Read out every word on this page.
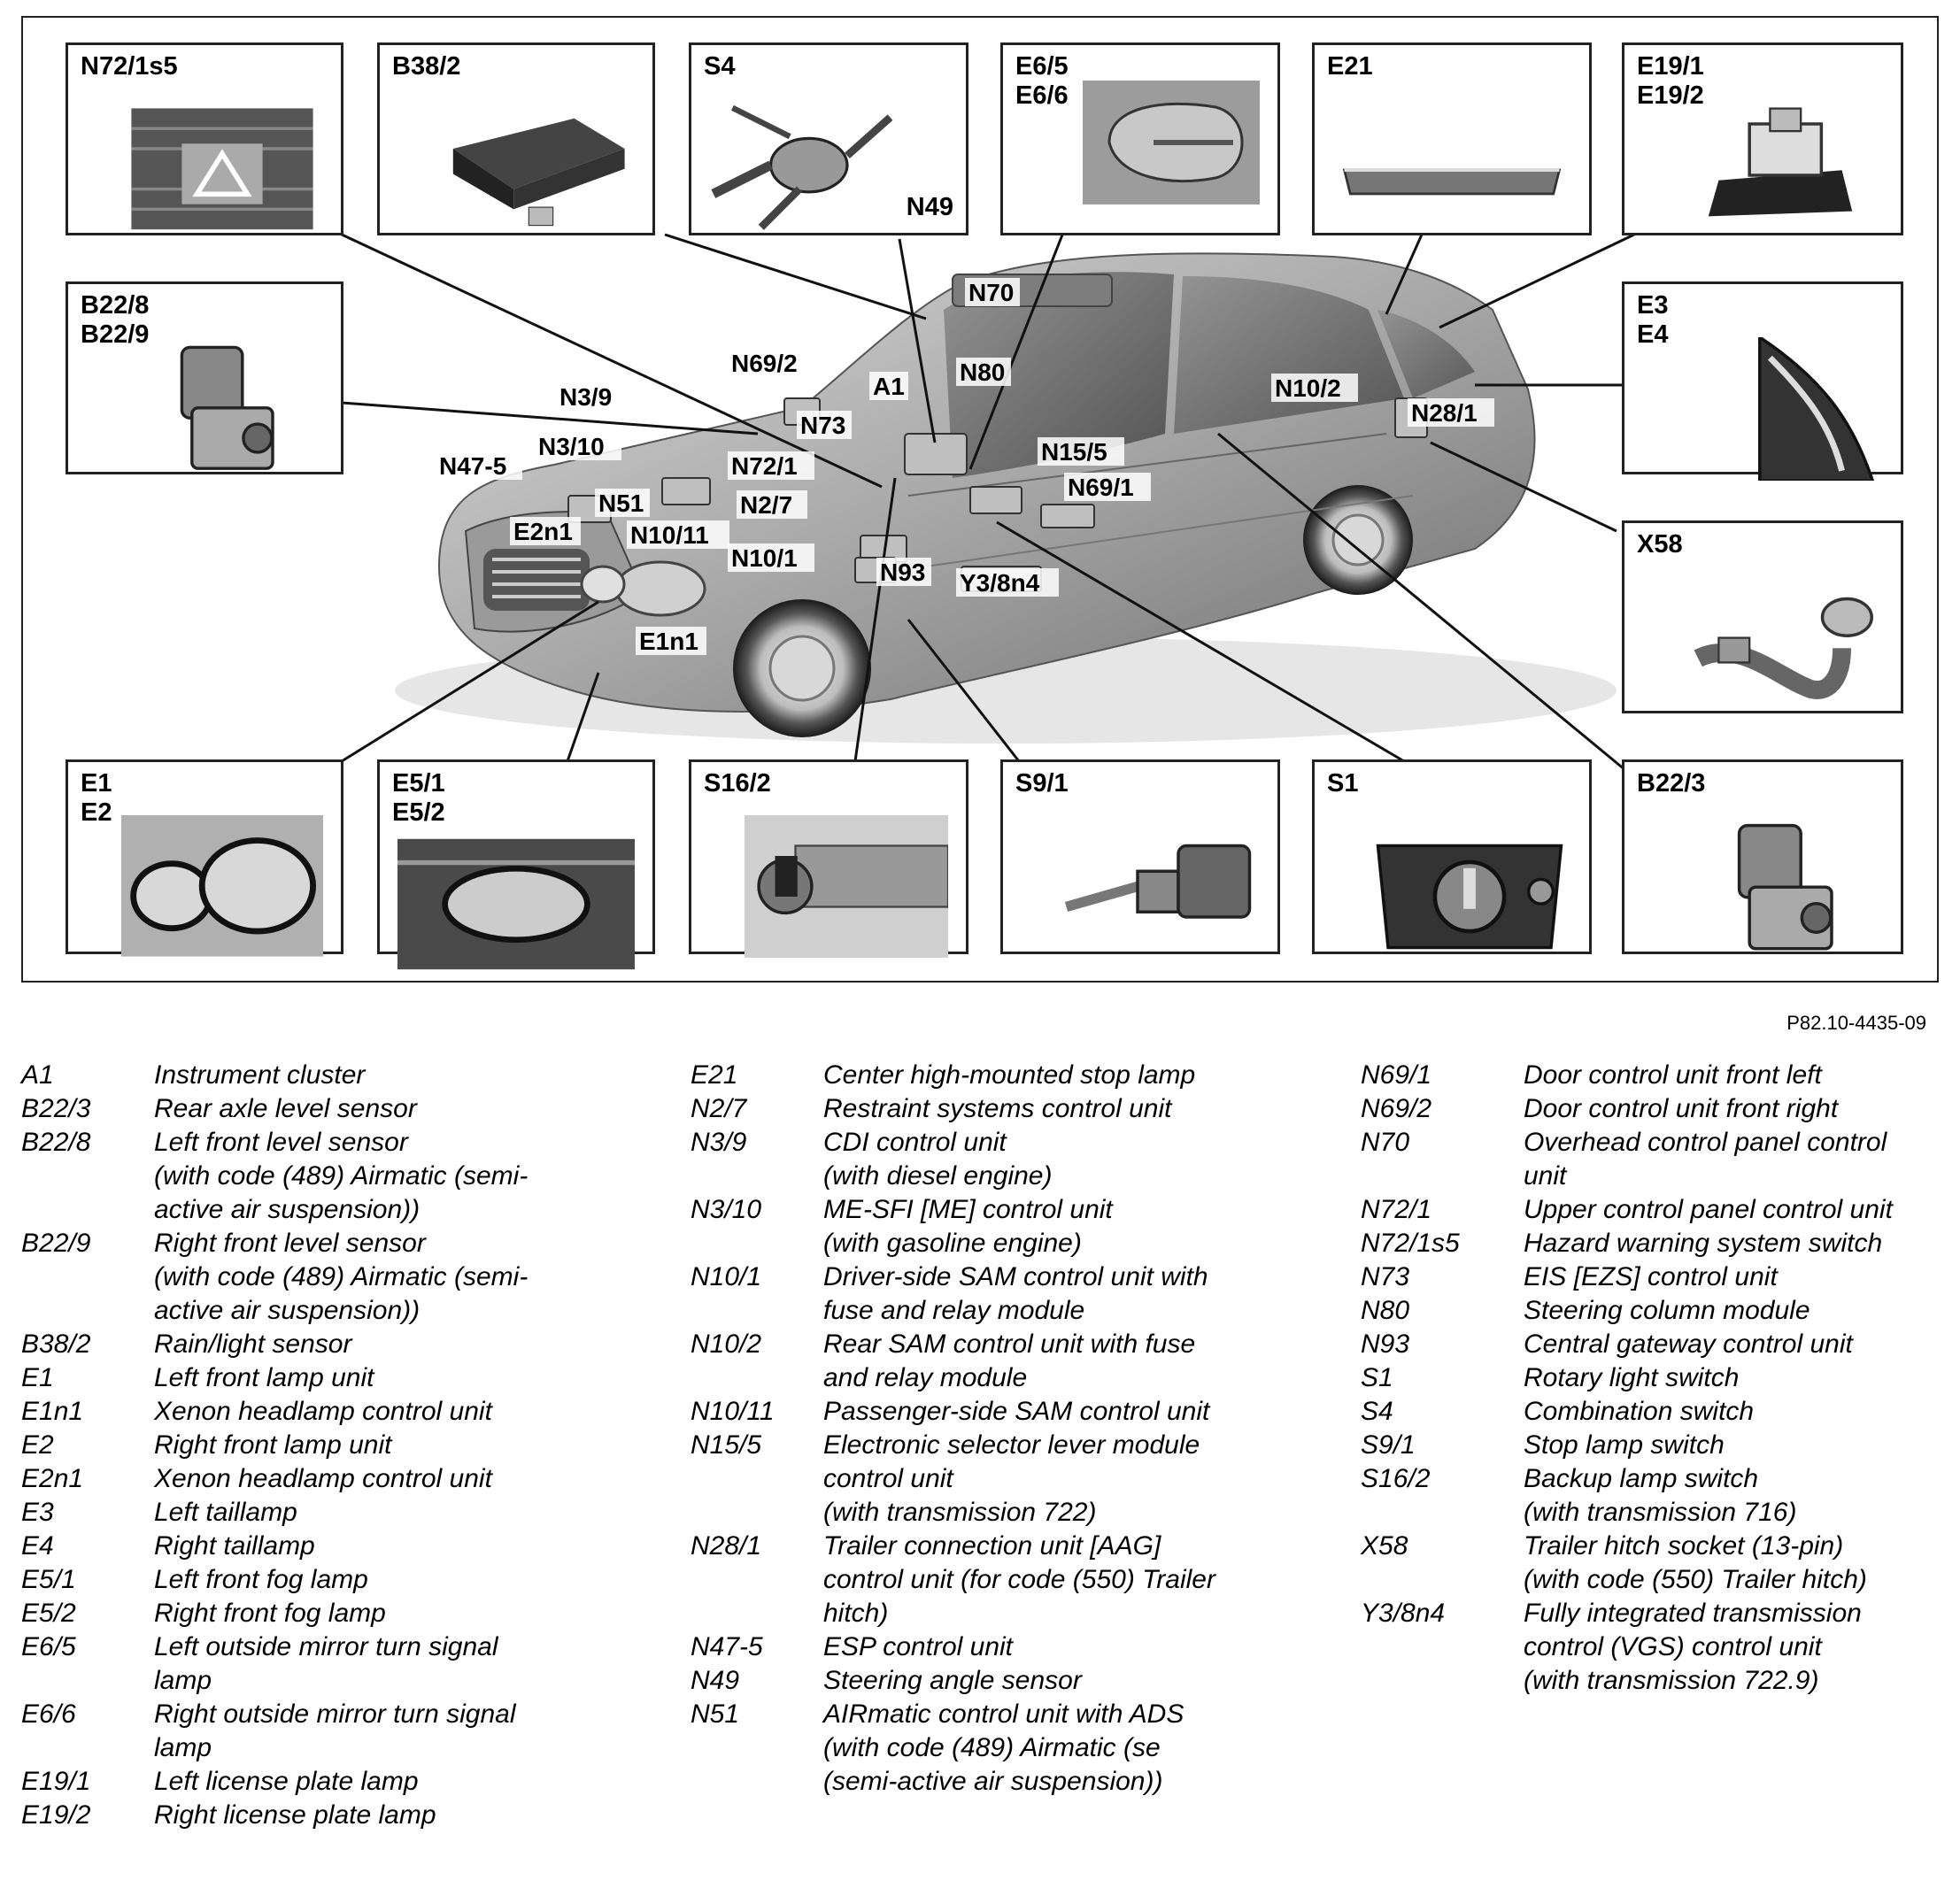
N70
N69/2
A1
N80
N3/9
N73
N3/10	N15/5
N47-5	N72/1
N69/1
N51	N2/7
E2n1 N10/11
N10/1
N93 Y3/8n4
E1n1
N10/2
N28/1
N72/1s5	B38/2	S4
N49
E6/5
E6/6
E21	E19/1
E19/2
B22/8
B22/9
E3
E4
X58
E1
E2
E5/1
E5/2
S16/2	S9/1	S1	B22/3
P82.10-4435-09
A1	Instrument cluster
B22/3	Rear axle level sensor
B22/8	Left front level sensor
(with code (489) Airmatic (semi-
active air suspension))
B22/9	Right front level sensor
(with code (489) Airmatic (semi-
active air suspension))
B38/2	Rain/light sensor
E1	Left front lamp unit
E1n1	Xenon headlamp control unit
E2	Right front lamp unit
E2n1	Xenon headlamp control unit
E3	Left taillamp
E4	Right taillamp
E5/1	Left front fog lamp
E5/2	Right front fog lamp
E6/5	Left outside mirror turn signal
lamp
E6/6	Right outside mirror turn signal
lamp
E19/1	Left license plate lamp
E19/2	Right license plate lamp
E21	Center high-mounted stop lamp
N2/7	Restraint systems control unit
N3/9	CDI control unit
(with diesel engine)
N3/10	ME-SFI [ME] control unit
(with gasoline engine)
N10/1	Driver-side SAM control unit with
fuse and relay module
N10/2	Rear SAM control unit with fuse
and relay module
N10/11	Passenger-side SAM control unit
N15/5	Electronic selector lever module
control unit
(with transmission 722)
N28/1	Trailer connection unit [AAG]
control unit (for code (550) Trailer
hitch)
N47-5	ESP control unit
N49	Steering angle sensor
N51	AIRmatic control unit with ADS
(with code (489) Airmatic (se
(semi-active air suspension))
N69/1	Door control unit front left
N69/2	Door control unit front right
N70	Overhead control panel control
unit
N72/1	Upper control panel control unit
N72/1s5	Hazard warning system switch
N73	EIS [EZS] control unit
N80	Steering column module
N93	Central gateway control unit
S1	Rotary light switch
S4	Combination switch
S9/1	Stop lamp switch
S16/2	Backup lamp switch
(with transmission 716)
X58	Trailer hitch socket (13-pin)
(with code (550) Trailer hitch)
Y3/8n4	Fully integrated transmission
control (VGS) control unit
(with transmission 722.9)
